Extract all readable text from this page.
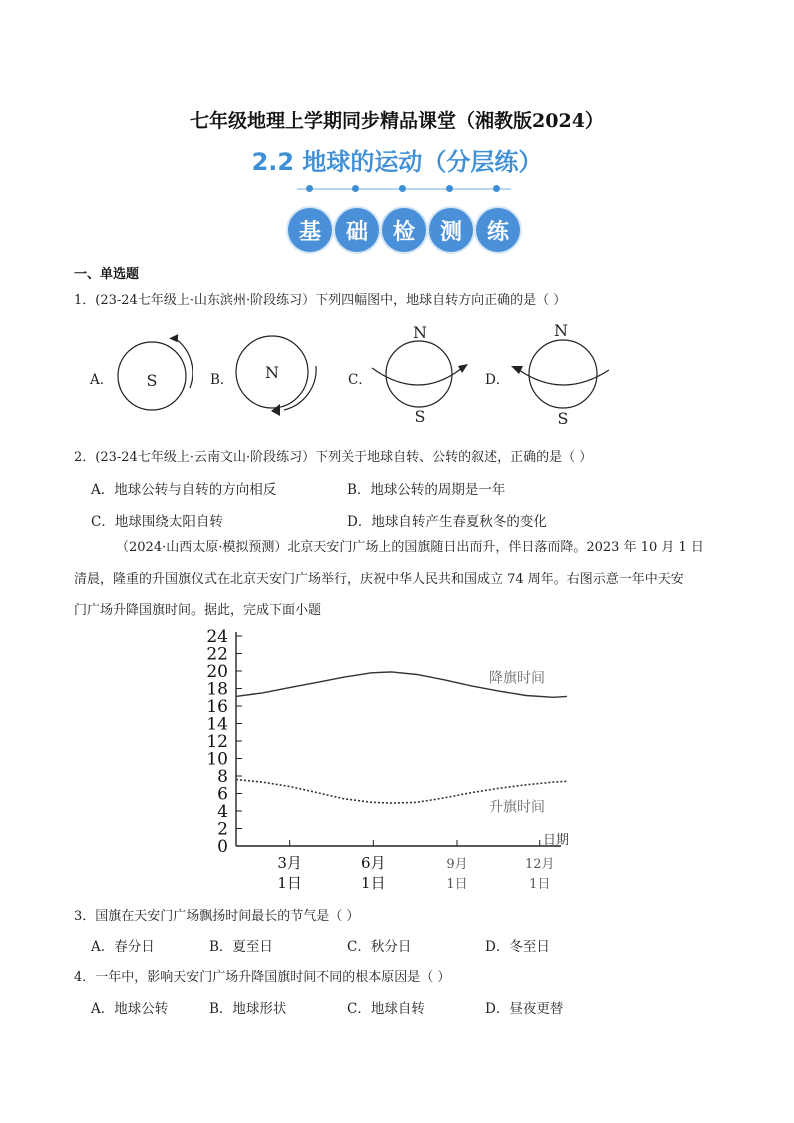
七年级地理上学期同步精品课堂（湘教版2024）
2.2 地球的运动（分层练）
基	础	检	测	练
一、单选题
1．(23-24七年级上·山东滨州·阶段练习）下列四幅图中，地球自转方向正确的是（ ）
A． S	B． N	C．
N
S
D．
N
S
2．(23-24七年级上·云南文山·阶段练习）下列关于地球自转、公转的叙述，正确的是（ ）
A．地球公转与自转的方向相反	B．地球公转的周期是一年
C．地球围绕太阳自转	D．地球自转产生春夏秋冬的变化
（2024·山西太原·模拟预测）北京天安门广场上的国旗随日出而升，伴日落而降。2023 年 10 月 1 日
清晨，隆重的升国旗仪式在北京天安门广场举行，庆祝中华人民共和国成立 74 周年。右图示意一年中天安
门广场升降国旗时间。据此，完成下面小题
日期
24
22
20
18
16
14
12
10
8
6
4
2
0
3月
1日
6月
1日
9月
1日
12月
1日
降旗时间
升旗时间
3．国旗在天安门广场飘扬时间最长的节气是（ ）
A．春分日	B．夏至日	C．秋分日	D．冬至日
4．一年中，影响天安门广场升降国旗时间不同的根本原因是（ ）
A．地球公转	B．地球形状	C．地球自转	D．昼夜更替
